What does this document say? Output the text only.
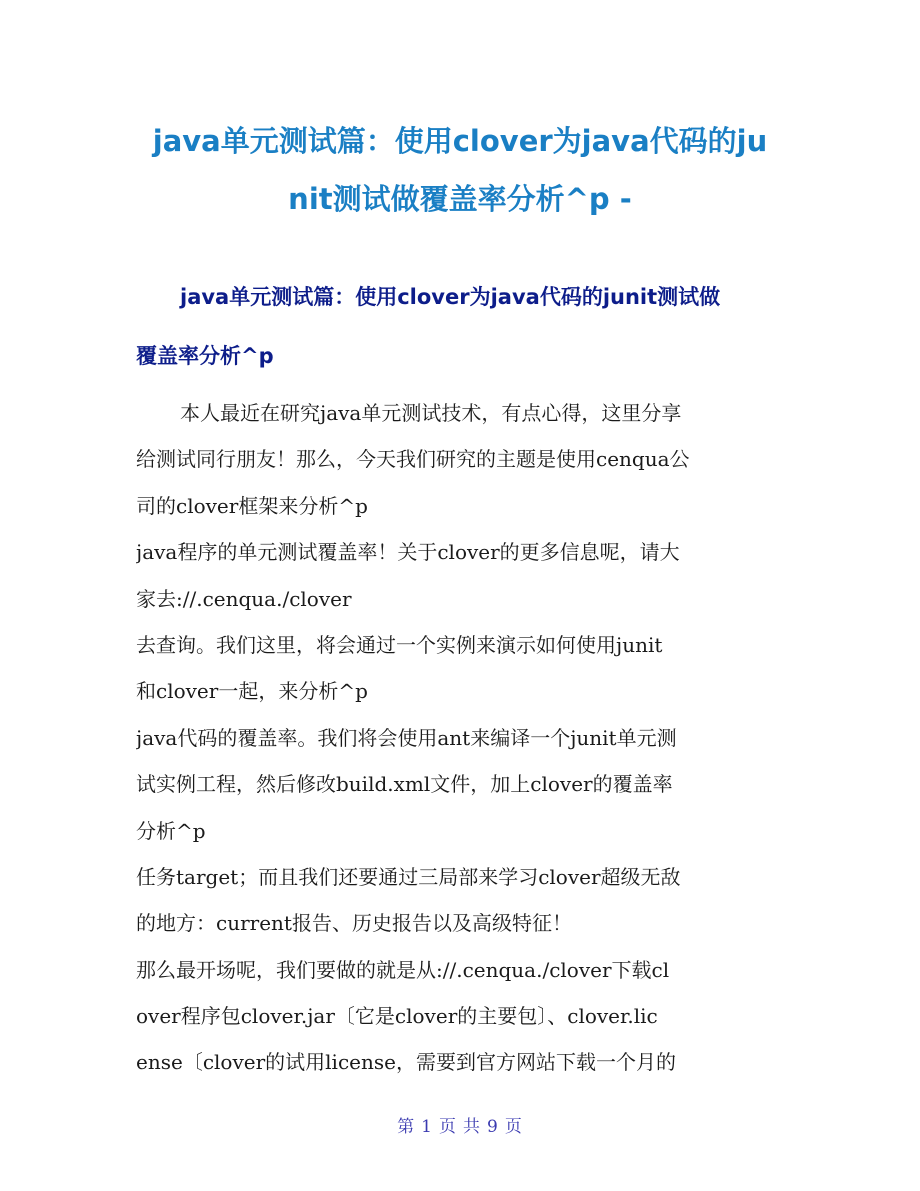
java单元测试篇：使用clover为java代码的ju
nit测试做覆盖率分析^p -
java单元测试篇：使用clover为java代码的junit测试做
覆盖率分析^p
本人最近在研究java单元测试技术，有点心得，这里分享
给测试同行朋友！那么，今天我们研究的主题是使用cenqua公
司的clover框架来分析^p
java程序的单元测试覆盖率！关于clover的更多信息呢，请大
家去://.cenqua./clover
去查询。我们这里，将会通过一个实例来演示如何使用junit
和clover一起，来分析^p
java代码的覆盖率。我们将会使用ant来编译一个junit单元测
试实例工程，然后修改build.xml文件，加上clover的覆盖率
分析^p
任务target；而且我们还要通过三局部来学习clover超级无敌
的地方：current报告、历史报告以及高级特征！
那么最开场呢，我们要做的就是从://.cenqua./clover下载cl
over程序包clover.jar〔它是clover的主要包〕、clover.lic
ense〔clover的试用license，需要到官方网站下载一个月的
第 1 页 共 9 页
